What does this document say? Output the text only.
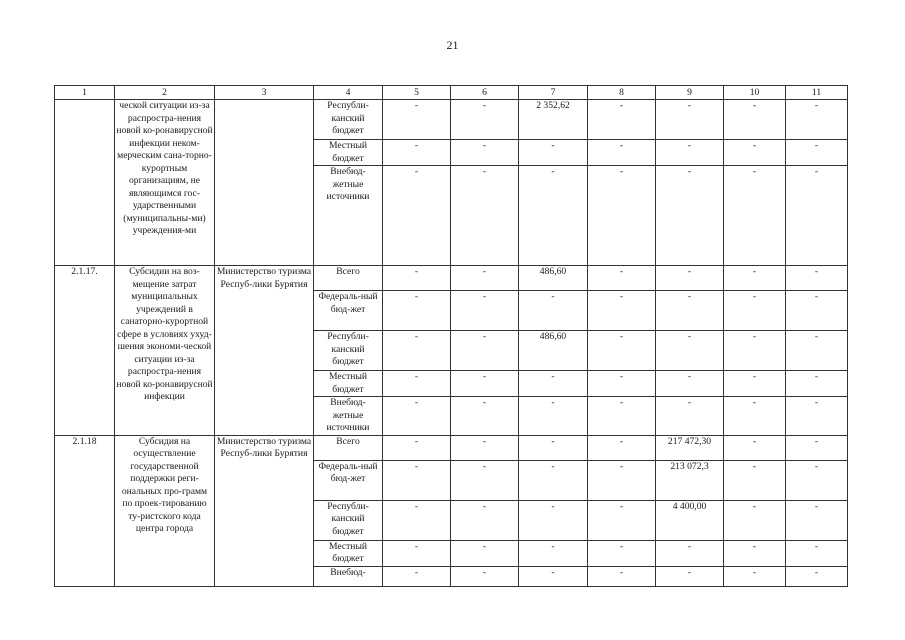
21
1	2	3	4	5	6	7	8	9	10	11
	ческой ситуации из-за распростра-нения новой ко-ронавирусной инфекции неком-мерческим сана-торно-курортным организациям, не являющимся гос-ударственными (муниципальны-ми) учреждения-ми		Республи-канский бюджет	-	-	2 352,62	-	-	-	-
			Местный бюджет	-	-	-	-	-	-	-
			Внебюд-жетные источники	-	-	-	-	-	-	-
2.1.17.	Субсидии на воз-мещение затрат муниципальных учреждений в санаторно-курортной сфере в условиях ухуд-шения экономи-ческой ситуации из-за распростра-нения новой ко-ронавирусной инфекции	Министерство туризма Респуб-лики Бурятия	Всего	-	-	486,60	-	-	-	-
			Федераль-ный бюд-жет	-	-	-	-	-	-	-
			Республи-канский бюджет	-	-	486,60	-	-	-	-
			Местный бюджет	-	-	-	-	-	-	-
			Внебюд-жетные источники	-	-	-	-	-	-	-
2.1.18	Субсидия на осуществление государственной поддержки реги-ональных про-грамм по проек-тированию ту-ристского кода центра города	Министерство туризма Респуб-лики Бурятия	Всего	-	-	-	-	217 472,30	-	-
			Федераль-ный бюд-жет	-	-	-	-	213 072,3	-	-
			Республи-канский бюджет	-	-	-	-	4 400,00	-	-
			Местный бюджет	-	-	-	-	-	-	-
			Внебюд-	-	-	-	-	-	-	-
